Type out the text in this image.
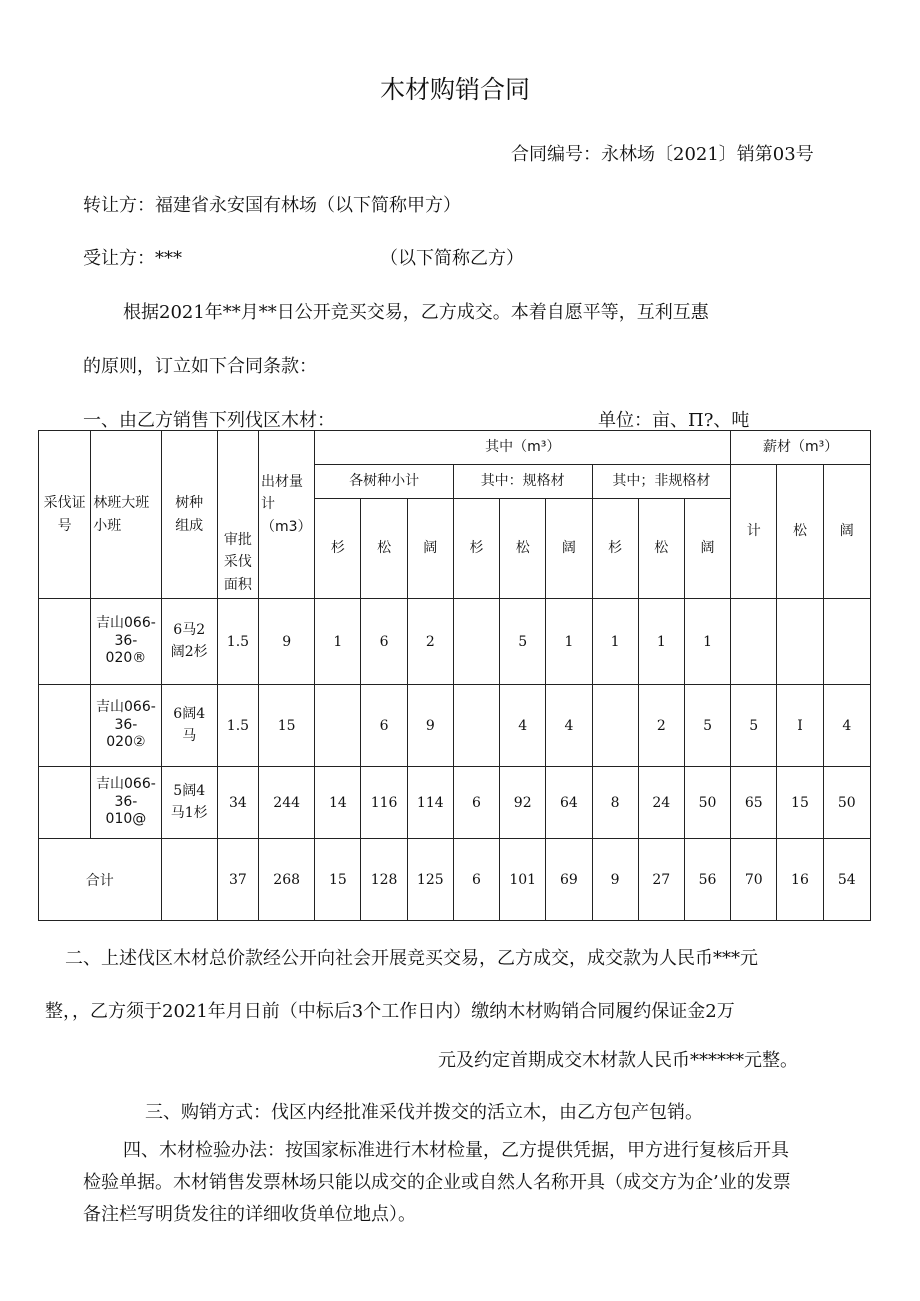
木材购销合同
合同编号：永林场〔2021〕销第03号
转让方：福建省永安国有林场（以下简称甲方）
受让方：***	（以下简称乙方）
根据2021年**月**日公开竞买交易，乙方成交。本着自愿平等，互利互惠
的原则，订立如下合同条款：
一、由乙方销售下列伐区木材：	单位：亩、П?、吨
采伐证号	林班大班小班	树种组成	审批采伐面积	出材量计（m3）	其中（m³）									薪材（m³）		
					各树种小计			其中：规格材			其中；非规格材			计	松	阔
					杉	松	阔	杉	松	阔	杉	松	阔			
	吉山066-36-020®	6马2阔2杉	1.5	9	1	6	2		5	1	1	1	1			
	吉山066-36-020②	6阔4马	1.5	15		6	9		4	4		2	5	5	I	4
	吉山066-36-010@	5阔4马1杉	34	244	14	116	114	6	92	64	8	24	50	65	15	50
合计			37	268	15	128	125	6	101	69	9	27	56	70	16	54
二、上述伐区木材总价款经公开向社会开展竞买交易，乙方成交，成交款为人民币***元
整，，乙方须于2021年月日前（中标后3个工作日内）缴纳木材购销合同履约保证金2万
元及约定首期成交木材款人民币******元整。
三、购销方式：伐区内经批准采伐并拨交的活立木，由乙方包产包销。
四、木材检验办法：按国家标准进行木材检量，乙方提供凭据，甲方进行复核后开具
检验单据。木材销售发票林场只能以成交的企业或自然人名称开具（成交方为企’业的发票
备注栏写明货发往的详细收货单位地点）。
